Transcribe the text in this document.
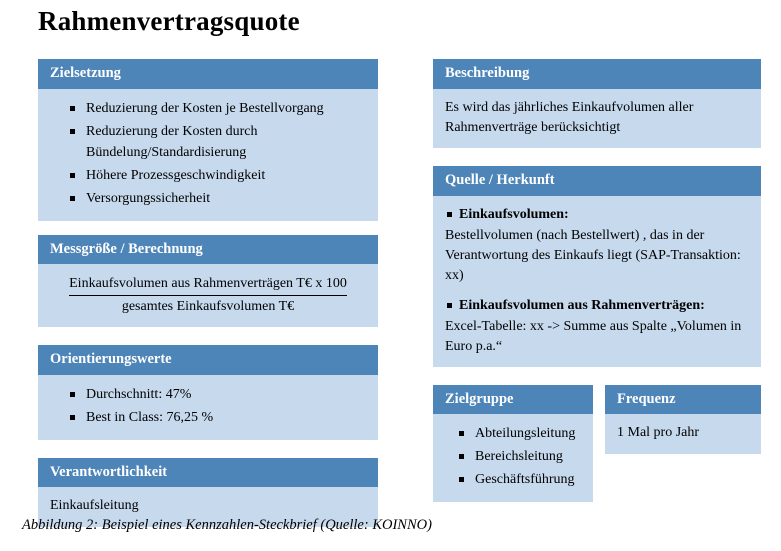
Rahmenvertragsquote
Zielsetzung
Reduzierung der Kosten je Bestellvorgang
Reduzierung der Kosten durch Bündelung/Standardisierung
Höhere Prozessgeschwindigkeit
Versorgungssicherheit
Messgröße / Berechnung
Einkaufsvolumen aus Rahmenverträgen T€ x 100
gesamtes Einkaufsvolumen T€
Orientierungswerte
Durchschnitt: 47%
Best in Class: 76,25 %
Verantwortlichkeit
Einkaufsleitung
Beschreibung
Es wird das jährliches Einkaufvolumen aller Rahmenverträge berücksichtigt
Quelle / Herkunft

Einkaufsvolumen:

Bestellvolumen (nach Bestellwert) , das in der Verantwortung des Einkaufs liegt (SAP-Transaktion: xx)

Einkaufsvolumen aus Rahmenverträgen:

Excel-Tabelle: xx -> Summe aus Spalte „Volumen in Euro p.a.“

Zielgruppe
Abteilungsleitung
Bereichsleitung
Geschäftsführung
Frequenz
1 Mal pro Jahr
Abbildung 2: Beispiel eines Kennzahlen-Steckbrief (Quelle: KOINNO)
